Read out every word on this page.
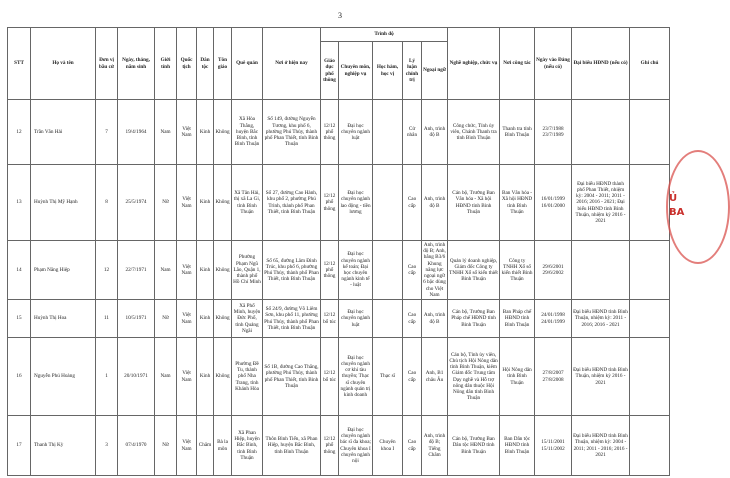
3
STT	Họ và tên	Đơn vị bầu cử	Ngày, tháng, năm sinh	Giới tính	Quốc tịch	Dân tộc	Tôn giáo	Quê quán	Nơi ở hiện nay	Trình độ					Nghề nghiệp, chức vụ	Nơi công tác	Ngày vào Đảng (nếu có)	Đại biểu HĐND (nếu có)	Ghi chú
										Giáo dục phổ thông	Chuyên môn, nghiệp vụ	Học hàm, học vị	Lý luận chính trị	Ngoại ngữ					
12	Trần Văn Hải	7	19/4/1964	Nam	Việt Nam	Kinh	Không	Xã Hòa Thắng, huyện Bắc Bình, tỉnh Bình Thuận	Số 149, đường Nguyễn Tương, khu phố 6, phường Phú Thủy, thành phố Phan Thiết, tỉnh Bình Thuận	12/12 phổ thông	Đại học chuyên ngành luật		Cử nhân	Anh, trình độ B	Công chức, Tỉnh ủy viên, Chánh Thanh tra tỉnh Bình Thuận	Thanh tra tỉnh Bình Thuận	23/7/1988 23/7/1989		
13	Huỳnh Thị Mỹ Hạnh	8	25/5/1974	Nữ	Việt Nam	Kinh	Không	Xã Tân Hải, thị xã La Gi, tỉnh Bình Thuận	Số 27, đường Cao Hành, khu phố 2, phường Phú Trinh, thành phố Phan Thiết, tỉnh Bình Thuận	12/12 phổ thông	Đại học chuyên ngành lao động - tiền lương		Cao cấp	Anh, trình độ B	Cán bộ, Trưởng Ban Văn hóa - Xã hội HĐND tỉnh Bình Thuận	Ban Văn hóa - Xã hội HĐND tỉnh Bình Thuận	16/01/1999 16/01/2000	Đại biểu HĐND thành phố Phan Thiết, nhiệm kỳ: 2004 - 2011; 2011 - 2016; 2016 - 2021; Đại biểu HĐND tỉnh Bình Thuận, nhiệm kỳ 2016 - 2021	
14	Phạm Năng Hiệp	12	22/7/1971	Nam	Việt Nam	Kinh	Không	Phường Phạm Ngũ Lão, Quận 1, thành phố Hồ Chí Minh	Số 65, đường Lâm Đình Trúc, khu phố 6, phường Phú Thủy, thành phố Phan Thiết, tỉnh Bình Thuận	12/12 phổ thông	Đại học chuyên ngành kế toán; Đại học chuyên ngành kinh tế - luật		Cao cấp	Anh, trình độ B; Anh, bằng B3/6 Khung năng lực ngoại ngữ 6 bậc dùng cho Việt Nam	Quản lý doanh nghiệp, Giám đốc Công ty TNHH Xổ số kiến thiết Bình Thuận	Công ty TNHH Xổ số kiến thiết Bình Thuận	29/6/2001 29/6/2002		
15	Huỳnh Thị Hoa	11	10/5/1971	Nữ	Việt Nam	Kinh	Không	Xã Phổ Minh, huyện Đức Phổ, tỉnh Quảng Ngãi	Số 24/9, đường Võ Liêm Sơn, khu phố 11, phường Phú Thủy, thành phố Phan Thiết, tỉnh Bình Thuận	12/12 bổ túc	Đại học chuyên ngành luật		Cao cấp	Anh, trình độ B	Cán bộ, Trưởng Ban Pháp chế HĐND tỉnh Bình Thuận	Ban Pháp chế HĐND tỉnh Bình Thuận	24/01/1998 24/01/1999	Đại biểu HĐND tỉnh Bình Thuận, nhiệm kỳ: 2011 - 2016; 2016 - 2021	
16	Nguyễn Phú Hoàng	1	20/10/1971	Nam	Việt Nam	Kinh	Không	Phường Đề Tu, thành phố Nha Trang, tỉnh Khánh Hòa	Số 1B, đường Cao Thắng, phường Phú Thủy, thành phố Phan Thiết, tỉnh Bình Thuận	12/12 bổ túc	Đại học chuyên ngành cơ khí tàu thuyền; Thạc sĩ chuyên ngành quản trị kinh doanh	Thạc sĩ	Cao cấp	Anh, B1 châu Âu	Cán bộ, Tỉnh ủy viên, Chủ tịch Hội Nông dân tỉnh Bình Thuận, kiêm Giám đốc Trung tâm Dạy nghề và Hỗ trợ nông dân thuộc Hội Nông dân tỉnh Bình Thuận	Hội Nông dân tỉnh Bình Thuận	27/8/2007 27/8/2008	Đại biểu HĐND tỉnh Bình Thuận, nhiệm kỳ 2016 - 2021	
17	Thanh Thị Kỳ	3	07/4/1970	Nữ	Việt Nam	Chăm	Bà la môn	Xã Phan Hiệp, huyện Bắc Bình, tỉnh Bình Thuận	Thôn Bình Tiến, xã Phan Hiệp, huyện Bắc Bình, tỉnh Bình Thuận	12/12 phổ thông	Đại học chuyên ngành bác sĩ đa khoa; Chuyên khoa I chuyên ngành nội	Chuyên khoa I	Cao cấp	Anh, trình độ B; Tiếng Chăm	Cán bộ, Trưởng Ban Dân tộc HĐND tỉnh Bình Thuận	Ban Dân tộc HĐND tỉnh Bình Thuận	15/11/2001 15/11/2002	Đại biểu HĐND tỉnh Bình Thuận, nhiệm kỳ: 2004 - 2011; 2011 - 2016; 2016 - 2021	
Ủ
BA
